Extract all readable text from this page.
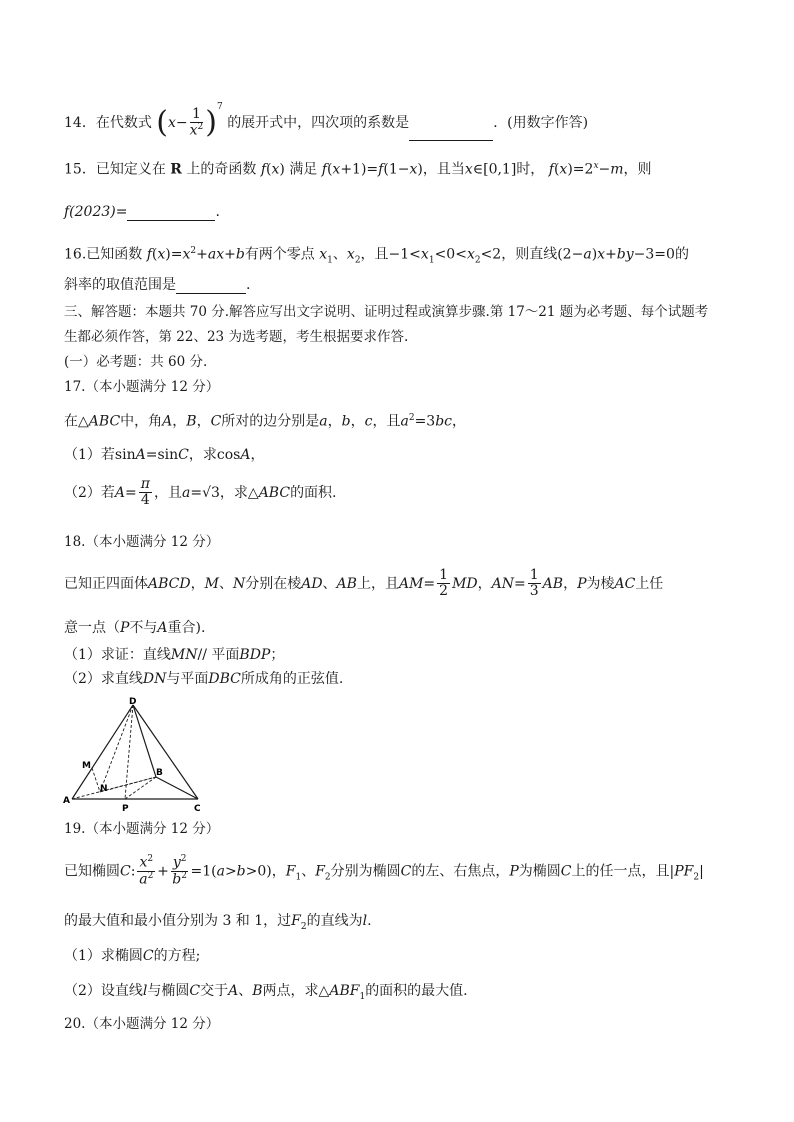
14．在代数式 $(x- \frac{1}{x^2} )^7$ 的展开式中，四次项的系数是	．(用数字作答)
15．已知定义在 R 上的奇函数 f(x) 满足 f(x+1)=f(1−x)，且当x∈[0,1]时， $f(x)=2^x-m$，则
f(2023)=	.
16.已知函数 $f(x)=x^2+ax+b$有两个零点 $x_1$、$x_2$，且$-1<x_1<0<x_2<2$，则直线(2−a)x+by−3=0的
斜率的取值范围是	.
三、解答题：本题共 70 分.解答应写出文字说明、证明过程或演算步骤.第 17～21 题为必考题、每个试题考
生都必须作答，第 22、23 为选考题，考生根据要求作答.
(一）必考题：共 60 分.
17.（本小题满分 12 分）
在△ABC中，角A，B，C所对的边分别是a，b，c，且$a^2=3bc$，
（1）若sinA=sinC，求cosA，
（2）若$A= \frac{\pi}{4}$ ，且a=√3，求△ABC的面积.
18.（本小题满分 12 分）
已知正四面体ABCD，M、N分别在棱AD、AB上，且$AM= \frac{1}{2}$ MD，$AN= \frac{1}{3}$ AB，P为棱AC上任
意一点（P不与A重合).
（1）求证：直线MN// 平面BDP；
（2）求直线DN与平面DBC所成角的正弦值.
D
M
B
N
A
P	C
19.（本小题满分 12 分）
已知椭圆C: $\frac{x^2}{a^2} + \frac{y^2}{b^2} =1(a>b>0)$，$F_1$、$F_2$分别为椭圆C的左、右焦点，P为椭圆C上的任一点，且$|PF_2|$
的最大值和最小值分别为 3 和 1，过$F_2$的直线为l.
（1）求椭圆C的方程;
（2）设直线l与椭圆C交于A、B两点，求$\triangle ABF_1$的面积的最大值.
20.（本小题满分 12 分）
